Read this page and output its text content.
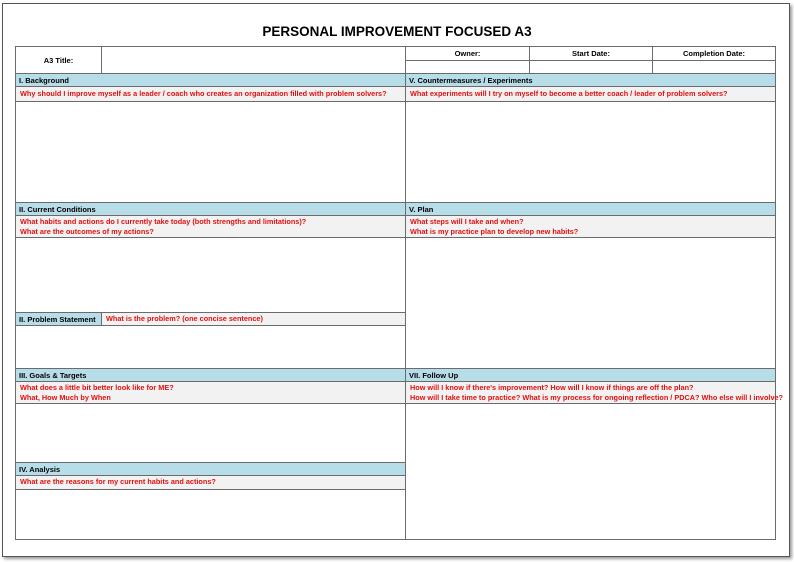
PERSONAL IMPROVEMENT FOCUSED A3
A3 Title:
Owner:	Start Date:	Completion Date:
I. Background
Why should I improve myself as a leader / coach who creates an organization filled with problem solvers?
II. Current Conditions
What habits and actions do I currently take today (both strengths and limitations)?
What are the outcomes of my actions?
II. Problem Statement	What is the problem? (one concise sentence)
III. Goals & Targets
What does a little bit better look like for ME?
What, How Much by When
IV. Analysis
What are the reasons for my current habits and actions?
V. Countermeasures / Experiments
What experiments will I try on myself to become a better coach / leader of problem solvers?
V. Plan
What steps will I take and when?
What is my practice plan to develop new habits?
VII. Follow Up
How will I know if there's improvement? How will I know if things are off the plan?
How will I take time to practice? What is my process for ongoing reflection / PDCA? Who else will I involve?
